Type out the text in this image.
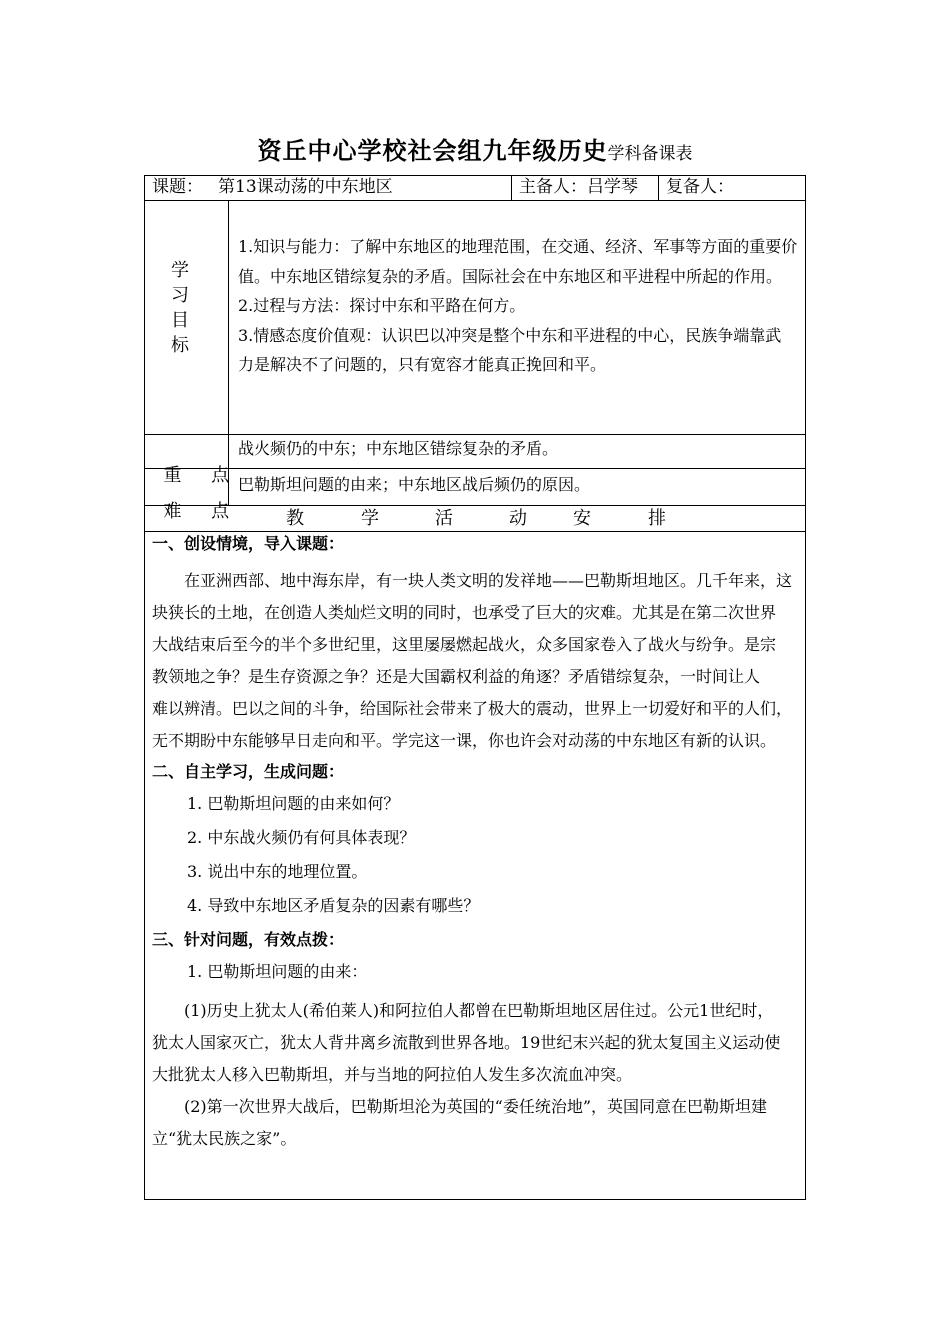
资丘中心学校社会组九年级历史学科备课表
课题： 第13课动荡的中东地区	主备人：吕学琴 复备人：
学
习
目
标

1.知识与能力：了解中东地区的地理范围，在交通、经济、军事等方面的重要价

值。中东地区错综复杂的矛盾。国际社会在中东地区和平进程中所起的作用。

2.过程与方法：探讨中东和平路在何方。

3.情感态度价值观：认识巴以冲突是整个中东和平进程的中心，民族争端靠武

力是解决不了问题的，只有宽容才能真正挽回和平。

重 点

战火频仍的中东；中东地区错综复杂的矛盾。

难 点

巴勒斯坦问题的由来；中东地区战后频仍的原因。
教	学	活	动	安	排

一、创设情境，导入课题：

　　在亚洲西部、地中海东岸，有一块人类文明的发祥地——巴勒斯坦地区。几千年来，这

块狭长的土地，在创造人类灿烂文明的同时，也承受了巨大的灾难。尤其是在第二次世界

大战结束后至今的半个多世纪里，这里屡屡燃起战火，众多国家卷入了战火与纷争。是宗

教领地之争？是生存资源之争？还是大国霸权利益的角逐？矛盾错综复杂，一时间让人

难以辨清。巴以之间的斗争，给国际社会带来了极大的震动，世界上一切爱好和平的人们，

无不期盼中东能够早日走向和平。学完这一课，你也许会对动荡的中东地区有新的认识。

二、自主学习，生成问题：

1. 巴勒斯坦问题的由来如何？

2. 中东战火频仍有何具体表现？

3. 说出中东的地理位置。

4. 导致中东地区矛盾复杂的因素有哪些？

三、针对问题，有效点拨：

1. 巴勒斯坦问题的由来：

　　(1)历史上犹太人(希伯莱人)和阿拉伯人都曾在巴勒斯坦地区居住过。公元1世纪时，

犹太人国家灭亡，犹太人背井离乡流散到世界各地。19世纪末兴起的犹太复国主义运动使

大批犹太人移入巴勒斯坦，并与当地的阿拉伯人发生多次流血冲突。

　　(2)第一次世界大战后，巴勒斯坦沦为英国的“委任统治地”，英国同意在巴勒斯坦建

立“犹太民族之家”。
